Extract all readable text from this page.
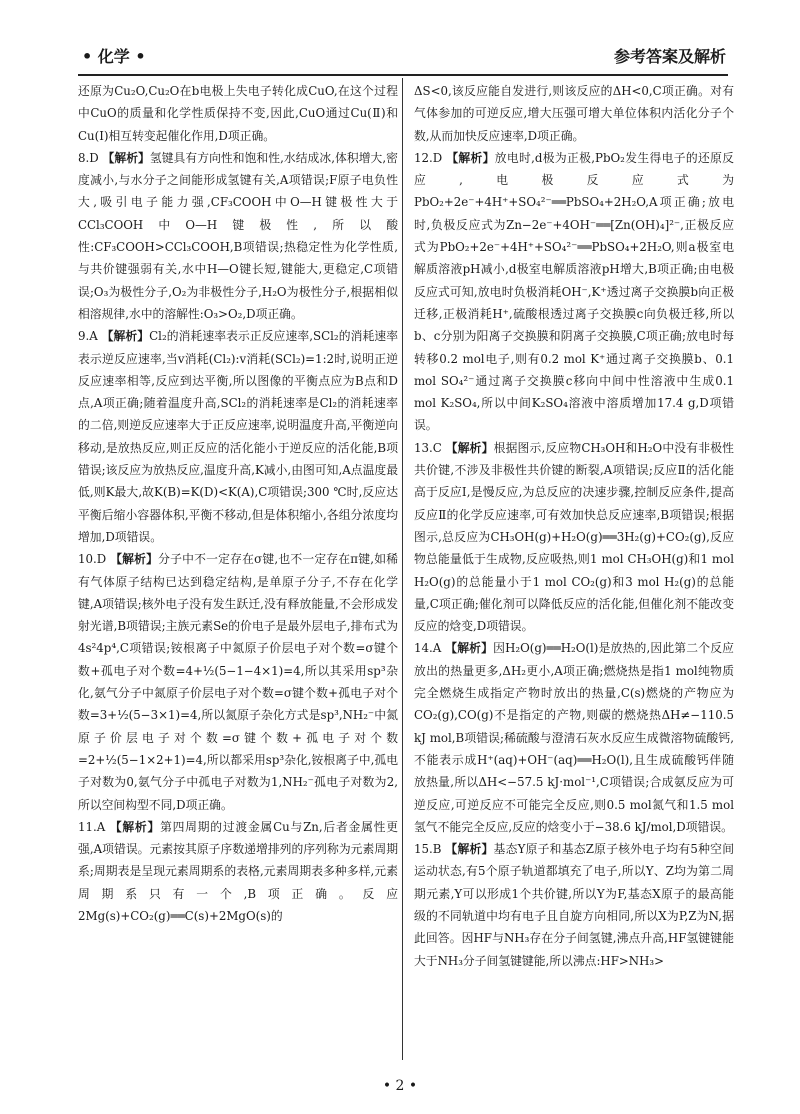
• 化学 •	参考答案及解析

还原为Cu₂O,Cu₂O在b电极上失电子转化成CuO,在这个过程中CuO的质量和化学性质保持不变,因此,CuO通过Cu(Ⅱ)和Cu(Ⅰ)相互转变起催化作用,D项正确。

8.D 【解析】氢键具有方向性和饱和性,水结成冰,体积增大,密度减小,与水分子之间能形成氢键有关,A项错误;F原子电负性大,吸引电子能力强,CF₃COOH中O—H键极性大于CCl₃COOH中O—H键极性,所以酸性:CF₃COOH>CCl₃COOH,B项错误;热稳定性为化学性质,与共价键强弱有关,水中H—O键长短,键能大,更稳定,C项错误;O₃为极性分子,O₂为非极性分子,H₂O为极性分子,根据相似相溶规律,水中的溶解性:O₃>O₂,D项正确。

9.A 【解析】Cl₂的消耗速率表示正反应速率,SCl₂的消耗速率表示逆反应速率,当v消耗(Cl₂):v消耗(SCl₂)=1:2时,说明正逆反应速率相等,反应到达平衡,所以图像的平衡点应为B点和D点,A项正确;随着温度升高,SCl₂的消耗速率是Cl₂的消耗速率的二倍,则逆反应速率大于正反应速率,说明温度升高,平衡逆向移动,是放热反应,则正反应的活化能小于逆反应的活化能,B项错误;该反应为放热反应,温度升高,K减小,由图可知,A点温度最低,则K最大,故K(B)=K(D)<K(A),C项错误;300 ℃时,反应达平衡后缩小容器体积,平衡不移动,但是体积缩小,各组分浓度均增加,D项错误。

10.D 【解析】分子中不一定存在σ键,也不一定存在π键,如稀有气体原子结构已达到稳定结构,是单原子分子,不存在化学键,A项错误;核外电子没有发生跃迁,没有释放能量,不会形成发射光谱,B项错误;主族元素Se的价电子是最外层电子,排布式为4s²4p⁴,C项错误;铵根离子中氮原子价层电子对个数=σ键个数+孤电子对个数=4+½(5−1−4×1)=4,所以其采用sp³杂化,氨气分子中氮原子价层电子对个数=σ键个数+孤电子对个数=3+½(5−3×1)=4,所以氮原子杂化方式是sp³,NH₂⁻中氮原子价层电子对个数=σ键个数+孤电子对个数=2+½(5−1×2+1)=4,所以都采用sp³杂化,铵根离子中,孤电子对数为0,氨气分子中孤电子对数为1,NH₂⁻孤电子对数为2,所以空间构型不同,D项正确。

11.A 【解析】第四周期的过渡金属Cu与Zn,后者金属性更强,A项错误。元素按其原子序数递增排列的序列称为元素周期系;周期表是呈现元素周期系的表格,元素周期表多种多样,元素周期系只有一个,B项正确。反应2Mg(s)+CO₂(g)══C(s)+2MgO(s)的

ΔS<0,该反应能自发进行,则该反应的ΔH<0,C项正确。对有气体参加的可逆反应,增大压强可增大单位体积内活化分子个数,从而加快反应速率,D项正确。

12.D 【解析】放电时,d极为正极,PbO₂发生得电子的还原反应,电极反应式为PbO₂+2e⁻+4H⁺+SO₄²⁻══PbSO₄+2H₂O,A项正确;放电时,负极反应式为Zn−2e⁻+4OH⁻══[Zn(OH)₄]²⁻,正极反应式为PbO₂+2e⁻+4H⁺+SO₄²⁻══PbSO₄+2H₂O,则a极室电解质溶液pH减小,d极室电解质溶液pH增大,B项正确;由电极反应式可知,放电时负极消耗OH⁻,K⁺透过离子交换膜b向正极迁移,正极消耗H⁺,硫酸根透过离子交换膜c向负极迁移,所以b、c分别为阳离子交换膜和阴离子交换膜,C项正确;放电时每转移0.2 mol电子,则有0.2 mol K⁺通过离子交换膜b、0.1 mol SO₄²⁻通过离子交换膜c移向中间中性溶液中生成0.1 mol K₂SO₄,所以中间K₂SO₄溶液中溶质增加17.4 g,D项错误。

13.C 【解析】根据图示,反应物CH₃OH和H₂O中没有非极性共价键,不涉及非极性共价键的断裂,A项错误;反应Ⅱ的活化能高于反应Ⅰ,是慢反应,为总反应的决速步骤,控制反应条件,提高反应Ⅱ的化学反应速率,可有效加快总反应速率,B项错误;根据图示,总反应为CH₃OH(g)+H₂O(g)══3H₂(g)+CO₂(g),反应物总能量低于生成物,反应吸热,则1 mol CH₃OH(g)和1 mol H₂O(g)的总能量小于1 mol CO₂(g)和3 mol H₂(g)的总能量,C项正确;催化剂可以降低反应的活化能,但催化剂不能改变反应的焓变,D项错误。

14.A 【解析】因H₂O(g)══H₂O(l)是放热的,因此第二个反应放出的热量更多,ΔH₂更小,A项正确;燃烧热是指1 mol纯物质完全燃烧生成指定产物时放出的热量,C(s)燃烧的产物应为CO₂(g),CO(g)不是指定的产物,则碳的燃烧热ΔH≠−110.5 kJ mol,B项错误;稀硫酸与澄清石灰水反应生成微溶物硫酸钙,不能表示成H⁺(aq)+OH⁻(aq)══H₂O(l),且生成硫酸钙伴随放热量,所以ΔH<−57.5 kJ·mol⁻¹,C项错误;合成氨反应为可逆反应,可逆反应不可能完全反应,则0.5 mol氮气和1.5 mol氢气不能完全反应,反应的焓变小于−38.6 kJ/mol,D项错误。

15.B 【解析】基态Y原子和基态Z原子核外电子均有5种空间运动状态,有5个原子轨道都填充了电子,所以Y、Z均为第二周期元素,Y可以形成1个共价键,所以Y为F,基态X原子的最高能级的不同轨道中均有电子且自旋方向相同,所以X为P,Z为N,据此回答。因HF与NH₃存在分子间氢键,沸点升高,HF氢键键能大于NH₃分子间氢键键能,所以沸点:HF>NH₃>

• 2 •
